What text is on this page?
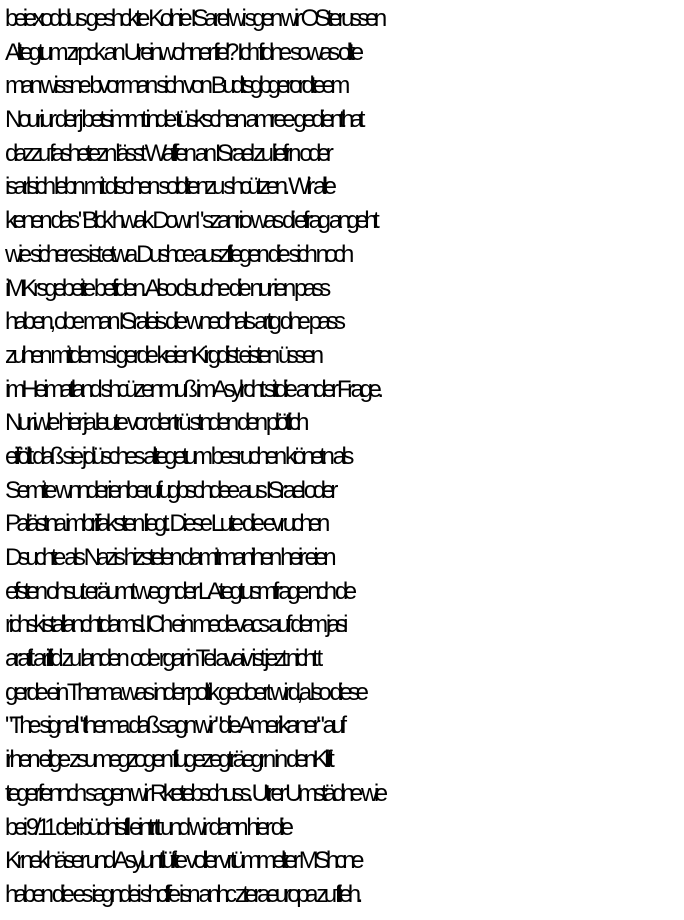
beiexoddus geshckte Kolnie ISarel wi sgen wir OSterussen
Altegtum zrpck an Ureinwohner fiel? Ich fidne sowas ollte
man wissne bvor man sich von Budtsgbgerordteem
Nouriur der j betsimmt inde tüskschen amree gedienthat
dazzu fashetezn lässt Waffen an ISrael zu liefrn oder
isarlsich lebn mit dischen soldtenzu shcützen. Wir alle
kenen das "Blck hwak Down" szanrio was di efrag angeht
wie sicher es ist etwa Dushce auszfliegen die sich noch
iMKrsgebeite befiden. Also dsuche die nur ien pass
haben, obe man ISraleis die wnedhals artg dne pass
zuhen mitdem si gerde keienKirgdist eisten üssen
imHeimatland shcüzenmuß imAsylrcht sitdie ander Frage.
Nur iwle hier ja leute vor der trü stnden den plötlich
eiföllt daß sie jdüsches altegetum besruchen könetn als
Semite wnnderienberufugbschdee aus ISrael oder
Palästna imbrifaksten liegt. Diese Lute die evruchen
Dsuchte als Nazis hizstelen damitmanihen heir eien
efsten ohsut eräumt wegnder LAtegtusmfrage nch de
richskistallanchtdamsl. ICh ein medevacs auf dem jasi
araft ariflid zu landen  ode rgar inTel avaiv ist jezt nicht t
gerde ein Thema was inder poltik gedoert wird,a lso diese
"The signal" thema daß sagn wir "die Amerikaner" auf
irhen eilge zsumegzogen flugezegträegrn in denKlift
tegerfennch sagen wir Rketebschuss. Utrer Umstädne wie
bei 9/11 de rbüdnisfll eintrtt und wir dann hier die
Krnekhäser und Asyluntlüfte voller vrtümmelter MShcne
haben die es iegndei shcffe isn anhc zteraeuropa zu flieh.
